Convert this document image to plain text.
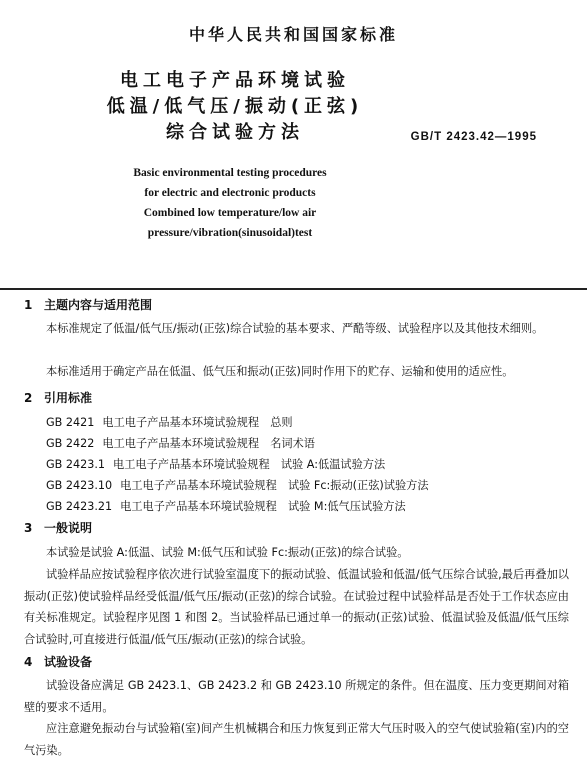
中华人民共和国国家标准
电工电子产品环境试验
低温/低气压/振动(正弦)
综合试验方法	GB/T 2423.42—1995
Basic environmental testing procedures
for electric and electronic products
Combined low temperature/low air
pressure/vibration(sinusoidal)test
1 主题内容与适用范围
本标准规定了低温/低气压/振动(正弦)综合试验的基本要求、严酷等级、试验程序以及其他技术细则。
本标准适用于确定产品在低温、低气压和振动(正弦)同时作用下的贮存、运输和使用的适应性。
2 引用标准
GB 2421 电工电子产品基本环境试验规程　总则
GB 2422 电工电子产品基本环境试验规程　名词术语
GB 2423.1 电工电子产品基本环境试验规程　试验 A:低温试验方法
GB 2423.10 电工电子产品基本环境试验规程　试验 Fc:振动(正弦)试验方法
GB 2423.21 电工电子产品基本环境试验规程　试验 M:低气压试验方法
3 一般说明
本试验是试验 A:低温、试验 M:低气压和试验 Fc:振动(正弦)的综合试验。
试验样品应按试验程序依次进行试验室温度下的振动试验、低温试验和低温/低气压综合试验,最后再叠加以振动(正弦)使试验样品经受低温/低气压/振动(正弦)的综合试验。在试验过程中试验样品是否处于工作状态应由有关标准规定。试验程序见图 1 和图 2。当试验样品已通过单一的振动(正弦)试验、低温试验及低温/低气压综合试验时,可直接进行低温/低气压/振动(正弦)的综合试验。
4 试验设备
试验设备应满足 GB 2423.1、GB 2423.2 和 GB 2423.10 所规定的条件。但在温度、压力变更期间对箱壁的要求不适用。
应注意避免振动台与试验箱(室)间产生机械耦合和压力恢复到正常大气压时吸入的空气使试验箱(室)内的空气污染。
